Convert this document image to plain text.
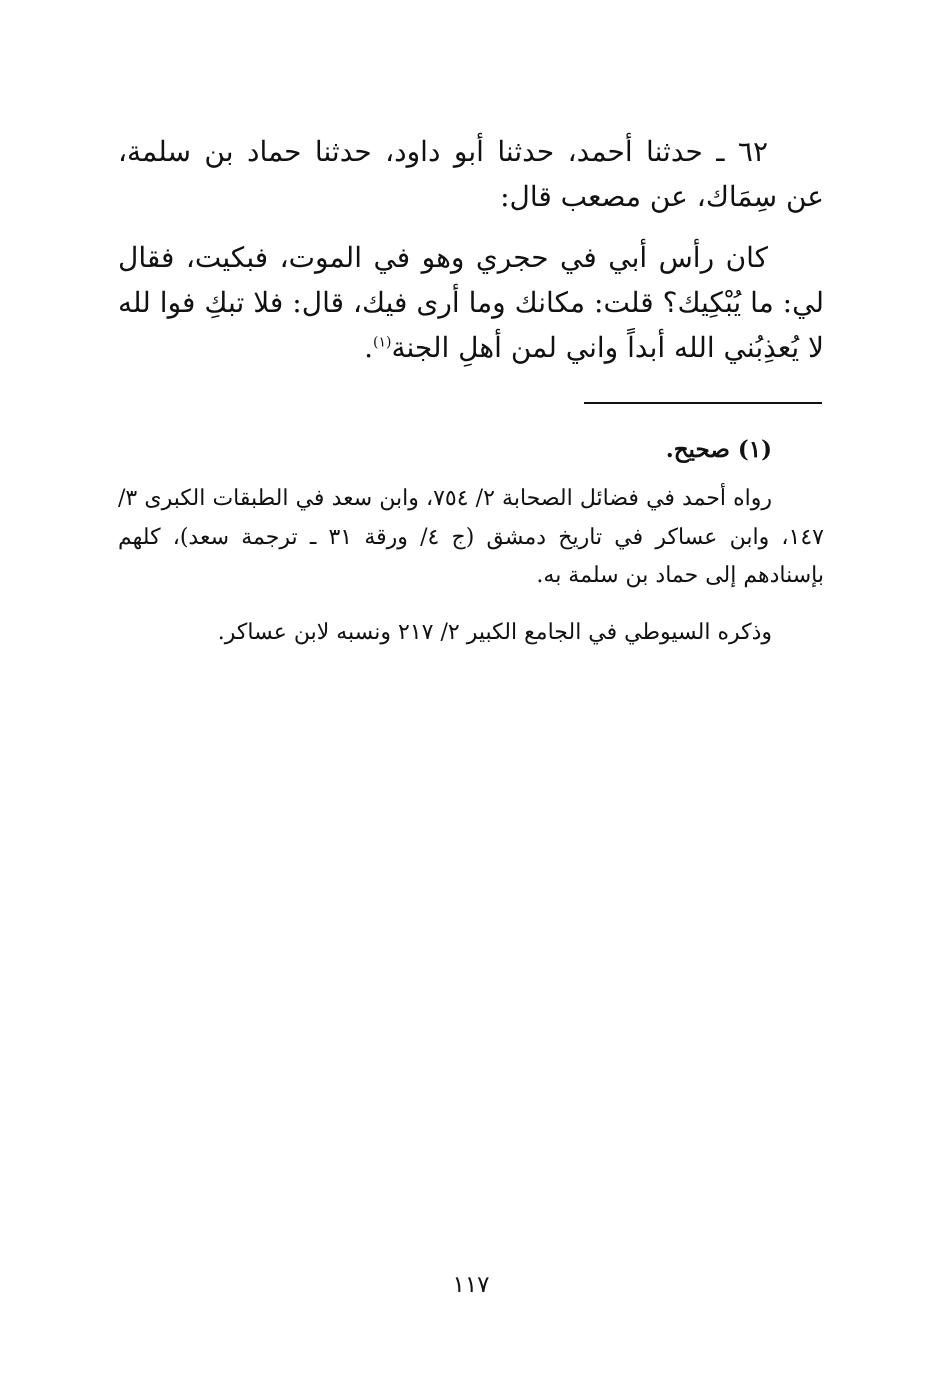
٦٢ ـ حدثنا أحمد، حدثنا أبو داود، حدثنا حماد بن سلمة، عن سِمَاك، عن مصعب قال:

كان رأس أبي في حجري وهو في الموت، فبكيت، فقال لي: ما يُبْكِيك؟ قلت: مكانك وما أرى فيك، قال: فلا تبكِ فوا لله لا يُعذِبُني الله أبداً واني لمن أهلِ الجنة$^{(١)}$.

(١) صحيح.

رواه أحمد في فضائل الصحابة ٢/ ٧٥٤، وابن سعد في الطبقات الكبرى ٣/ ١٤٧، وابن عساكر في تاريخ دمشق (ج ٤/ ورقة ٣١ ـ ترجمة سعد)، كلهم بإسنادهم إلى حماد بن سلمة به.

وذكره السيوطي في الجامع الكبير ٢/ ٢١٧ ونسبه لابن عساكر.

١١٧
